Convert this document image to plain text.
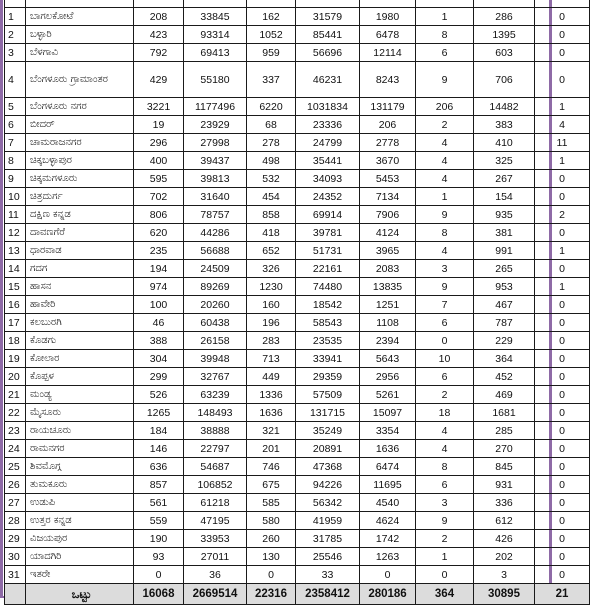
1	ಬಾಗಲಕೋಟೆ	208	33845	162	31579	1980	1	286	0
2	ಬಳ್ಳಾರಿ	423	93314	1052	85441	6478	8	1395	0
3	ಬೆಳಗಾವಿ	792	69413	959	56696	12114	6	603	0
4	ಬೆಂಗಳೂರು ಗ್ರಾಮಾಂತರ	429	55180	337	46231	8243	9	706	0
5	ಬೆಂಗಳೂರು ನಗರ	3221	1177496	6220	1031834	131179	206	14482	1
6	ಬೀದರ್	19	23929	68	23336	206	2	383	4
7	ಚಾಮರಾಜನಗರ	296	27998	278	24799	2778	4	410	11
8	ಚಿಕ್ಕಬಳ್ಳಾಪುರ	400	39437	498	35441	3670	4	325	1
9	ಚಿಕ್ಕಮಗಳೂರು	595	39813	532	34093	5453	4	267	0
10	ಚಿತ್ರದುರ್ಗ	702	31640	454	24352	7134	1	154	0
11	ದಕ್ಷಿಣ ಕನ್ನಡ	806	78757	858	69914	7906	9	935	2
12	ದಾವಣಗೆರೆ	620	44286	418	39781	4124	8	381	0
13	ಧಾರವಾಡ	235	56688	652	51731	3965	4	991	1
14	ಗದಗ	194	24509	326	22161	2083	3	265	0
15	ಹಾಸನ	974	89269	1230	74480	13835	9	953	1
16	ಹಾವೇರಿ	100	20260	160	18542	1251	7	467	0
17	ಕಲಬುರಗಿ	46	60438	196	58543	1108	6	787	0
18	ಕೊಡಗು	388	26158	283	23535	2394	0	229	0
19	ಕೋಲಾರ	304	39948	713	33941	5643	10	364	0
20	ಕೊಪ್ಪಳ	299	32767	449	29359	2956	6	452	0
21	ಮಂಡ್ಯ	526	63239	1336	57509	5261	2	469	0
22	ಮೈಸೂರು	1265	148493	1636	131715	15097	18	1681	0
23	ರಾಯಚೂರು	184	38888	321	35249	3354	4	285	0
24	ರಾಮನಗರ	146	22797	201	20891	1636	4	270	0
25	ಶಿವಮೊಗ್ಗ	636	54687	746	47368	6474	8	845	0
26	ತುಮಕೂರು	857	106852	675	94226	11695	6	931	0
27	ಉಡುಪಿ	561	61218	585	56342	4540	3	336	0
28	ಉತ್ತರ ಕನ್ನಡ	559	47195	580	41959	4624	9	612	0
29	ವಿಜಯಪುರ	190	33953	260	31785	1742	2	426	0
30	ಯಾದಗಿರಿ	93	27011	130	25546	1263	1	202	0
31	ಇತರೇ	0	36	0	33	0	0	3	0
	ಒಟ್ಟು	16068	2669514	22316	2358412	280186	364	30895	21
